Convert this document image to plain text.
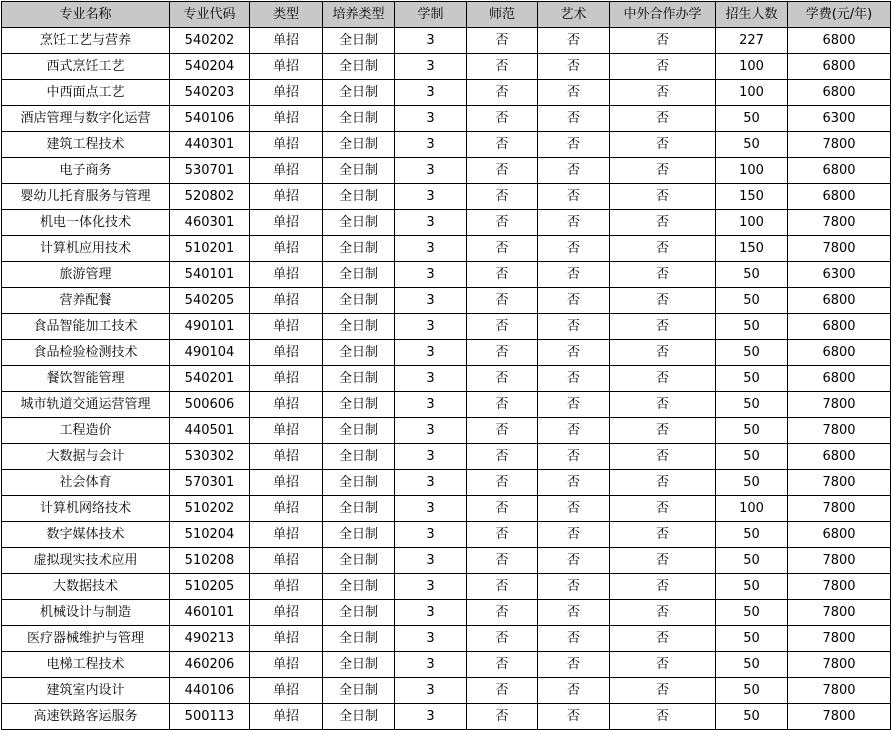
专业名称	专业代码	类型	培养类型	学制	师范	艺术	中外合作办学	招生人数	学费(元/年)
烹饪工艺与营养	540202	单招	全日制	3	否	否	否	227	6800
西式烹饪工艺	540204	单招	全日制	3	否	否	否	100	6800
中西面点工艺	540203	单招	全日制	3	否	否	否	100	6800
酒店管理与数字化运营	540106	单招	全日制	3	否	否	否	50	6300
建筑工程技术	440301	单招	全日制	3	否	否	否	50	7800
电子商务	530701	单招	全日制	3	否	否	否	100	6800
婴幼儿托育服务与管理	520802	单招	全日制	3	否	否	否	150	6800
机电一体化技术	460301	单招	全日制	3	否	否	否	100	7800
计算机应用技术	510201	单招	全日制	3	否	否	否	150	7800
旅游管理	540101	单招	全日制	3	否	否	否	50	6300
营养配餐	540205	单招	全日制	3	否	否	否	50	6800
食品智能加工技术	490101	单招	全日制	3	否	否	否	50	6800
食品检验检测技术	490104	单招	全日制	3	否	否	否	50	6800
餐饮智能管理	540201	单招	全日制	3	否	否	否	50	6800
城市轨道交通运营管理	500606	单招	全日制	3	否	否	否	50	7800
工程造价	440501	单招	全日制	3	否	否	否	50	7800
大数据与会计	530302	单招	全日制	3	否	否	否	50	6800
社会体育	570301	单招	全日制	3	否	否	否	50	7800
计算机网络技术	510202	单招	全日制	3	否	否	否	100	7800
数字媒体技术	510204	单招	全日制	3	否	否	否	50	6800
虚拟现实技术应用	510208	单招	全日制	3	否	否	否	50	7800
大数据技术	510205	单招	全日制	3	否	否	否	50	7800
机械设计与制造	460101	单招	全日制	3	否	否	否	50	7800
医疗器械维护与管理	490213	单招	全日制	3	否	否	否	50	7800
电梯工程技术	460206	单招	全日制	3	否	否	否	50	7800
建筑室内设计	440106	单招	全日制	3	否	否	否	50	7800
高速铁路客运服务	500113	单招	全日制	3	否	否	否	50	7800
